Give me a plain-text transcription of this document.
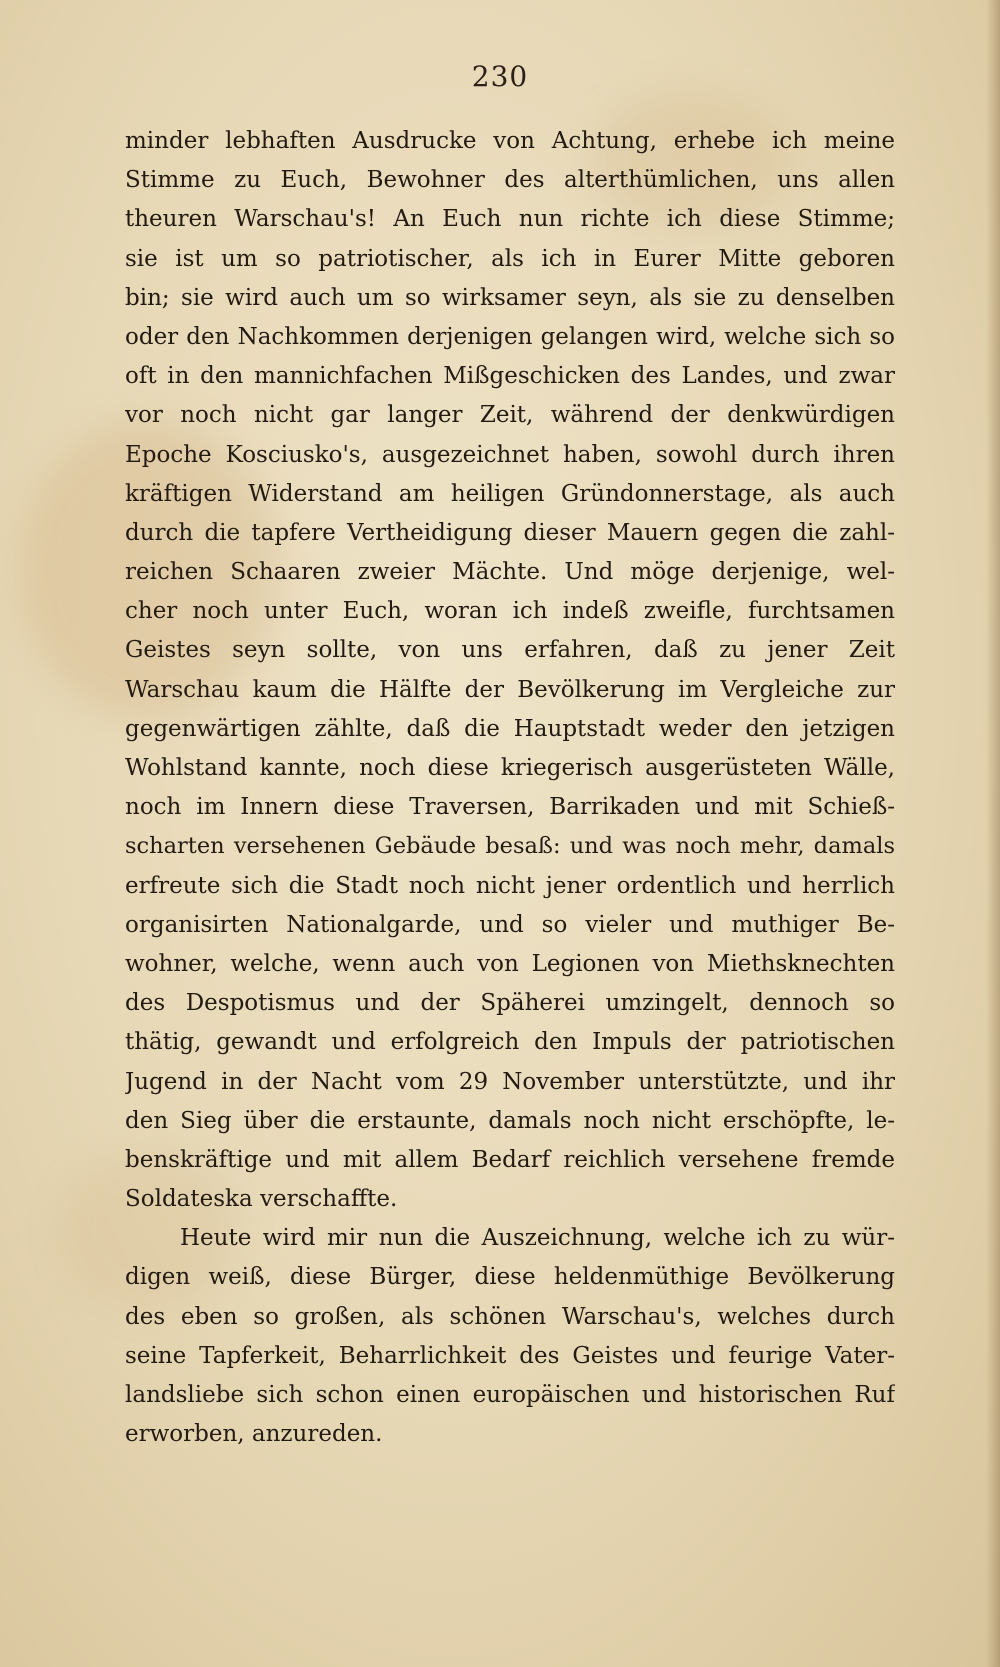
230
minder lebhaften Ausdrucke von Achtung, erhebe ich meine
Stimme zu Euch, Bewohner des alterthümlichen, uns allen
theuren Warschau's! An Euch nun richte ich diese Stimme;
sie ist um so patriotischer, als ich in Eurer Mitte geboren
bin; sie wird auch um so wirksamer seyn, als sie zu denselben
oder den Nachkommen derjenigen gelangen wird, welche sich so
oft in den mannichfachen Mißgeschicken des Landes, und zwar
vor noch nicht gar langer Zeit, während der denkwürdigen
Epoche Kosciusko's, ausgezeichnet haben, sowohl durch ihren
kräftigen Widerstand am heiligen Gründonnerstage, als auch
durch die tapfere Vertheidigung dieser Mauern gegen die zahl-
reichen Schaaren zweier Mächte. Und möge derjenige, wel-
cher noch unter Euch, woran ich indeß zweifle, furchtsamen
Geistes seyn sollte, von uns erfahren, daß zu jener Zeit
Warschau kaum die Hälfte der Bevölkerung im Vergleiche zur
gegenwärtigen zählte, daß die Hauptstadt weder den jetzigen
Wohlstand kannte, noch diese kriegerisch ausgerüsteten Wälle,
noch im Innern diese Traversen, Barrikaden und mit Schieß-
scharten versehenen Gebäude besaß: und was noch mehr, damals
erfreute sich die Stadt noch nicht jener ordentlich und herrlich
organisirten Nationalgarde, und so vieler und muthiger Be-
wohner, welche, wenn auch von Legionen von Miethsknechten
des Despotismus und der Späherei umzingelt, dennoch so
thätig, gewandt und erfolgreich den Impuls der patriotischen
Jugend in der Nacht vom 29 November unterstützte, und ihr
den Sieg über die erstaunte, damals noch nicht erschöpfte, le-
benskräftige und mit allem Bedarf reichlich versehene fremde
Soldateska verschaffte.
Heute wird mir nun die Auszeichnung, welche ich zu wür-
digen weiß, diese Bürger, diese heldenmüthige Bevölkerung
des eben so großen, als schönen Warschau's, welches durch
seine Tapferkeit, Beharrlichkeit des Geistes und feurige Vater-
landsliebe sich schon einen europäischen und historischen Ruf
erworben, anzureden.
